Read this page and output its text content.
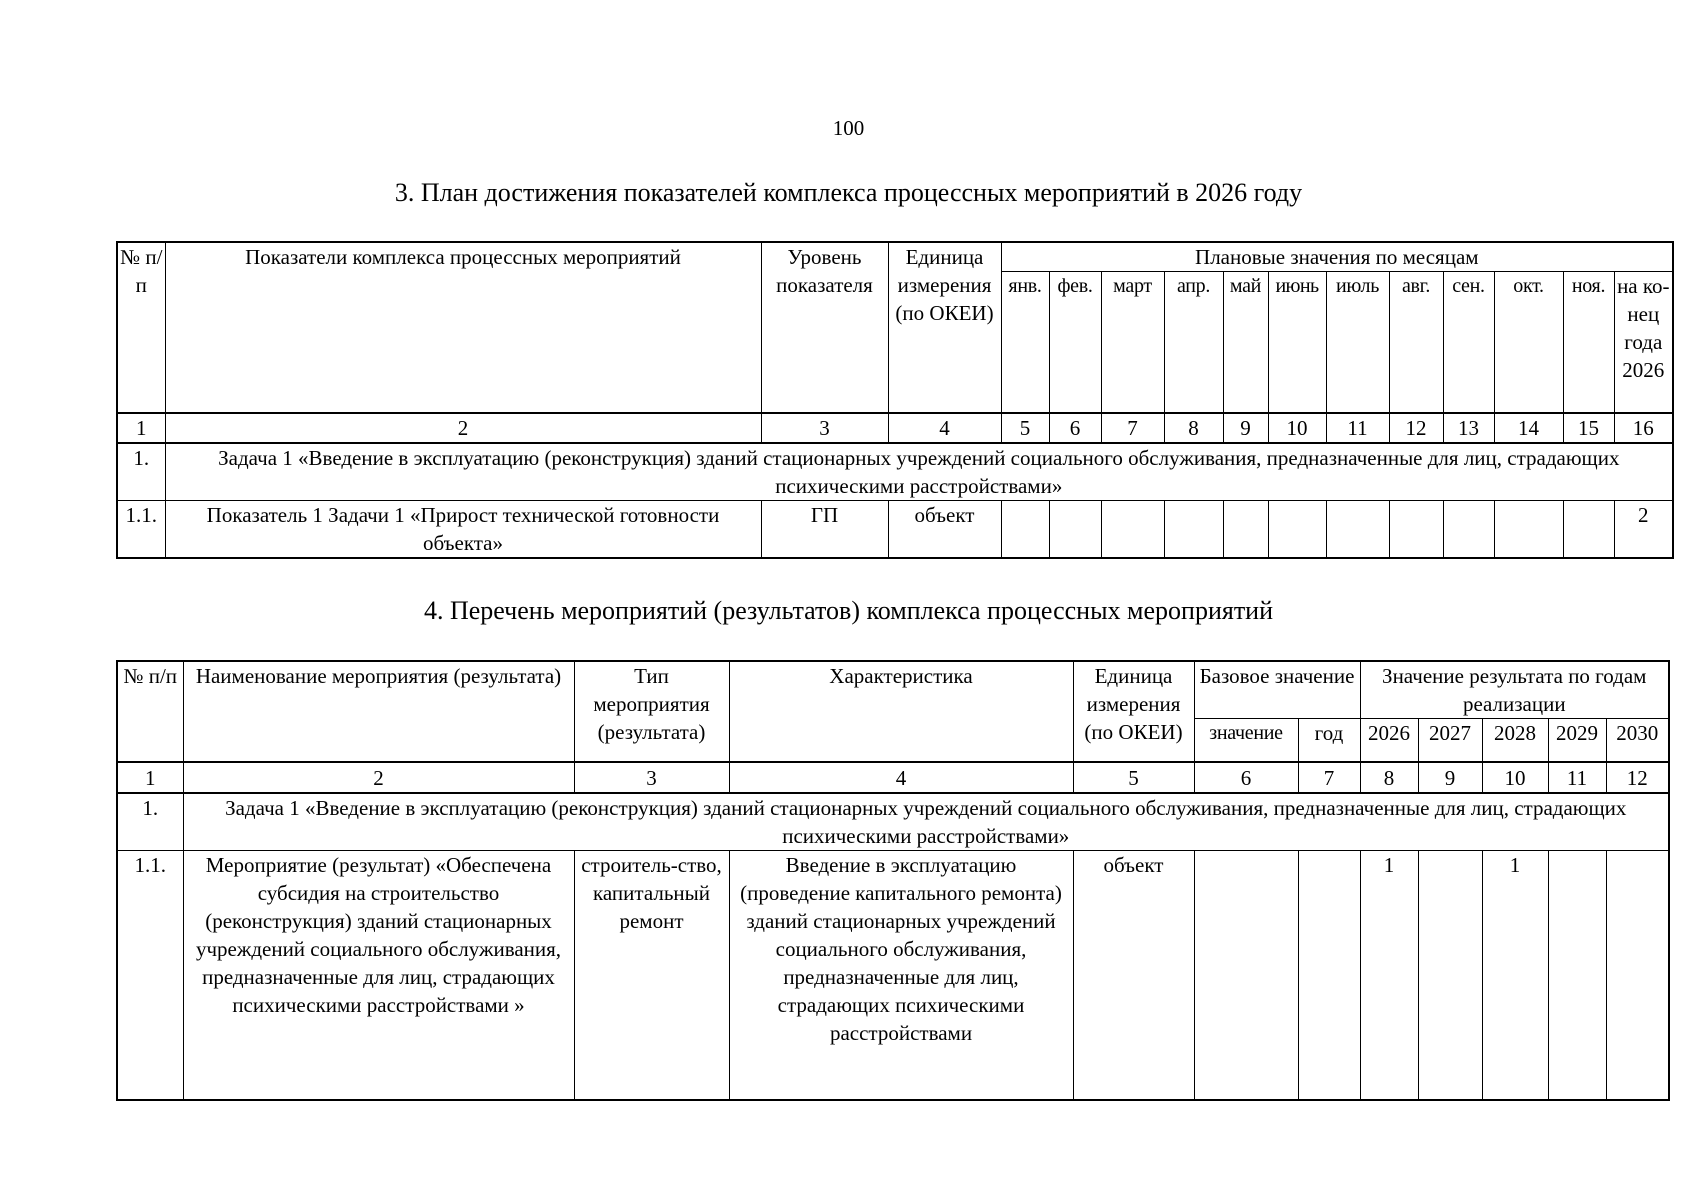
100
3. План достижения показателей комплекса процессных мероприятий в 2026 году
№ п/п	Показатели комплекса процессных мероприятий	Уровень показателя	Единица измерения (по ОКЕИ)	Плановые значения по месяцам											
				янв.	фев.	март	апр.	май	июнь	июль	авг.	сен.	окт.	ноя.	на ко-нец года 2026
1	2	3	4	5	6	7	8	9	10	11	12	13	14	15	16
1.	Задача 1 «Введение в эксплуатацию (реконструкция) зданий стационарных учреждений социального обслуживания, предназначенные для лиц, страдающих психическими расстройствами»														
1.1.	Показатель 1 Задачи 1 «Прирост технической готовности объекта»	ГП	объект												2
4. Перечень мероприятий (результатов) комплекса процессных мероприятий
№ п/п	Наименование мероприятия (результата)	Тип мероприятия (результата)	Характеристика	Единица измерения (по ОКЕИ)	Базовое значение		Значение результата по годам реализации				
					значение	год	2026	2027	2028	2029	2030
1	2	3	4	5	6	7	8	9	10	11	12
1.	Задача 1 «Введение в эксплуатацию (реконструкция) зданий стационарных учреждений социального обслуживания, предназначенные для лиц, страдающих психическими расстройствами»										
1.1.	Мероприятие (результат) «Обеспечена субсидия на строительство (реконструкция) зданий стационарных учреждений социального обслуживания, предназначенные для лиц, страдающих психическими расстройствами »	строитель-ство, капитальный ремонт	Введение в эксплуатацию (проведение капитального ремонта) зданий стационарных учреждений социального обслуживания, предназначенные для лиц, страдающих психическими расстройствами	объект			1		1		
